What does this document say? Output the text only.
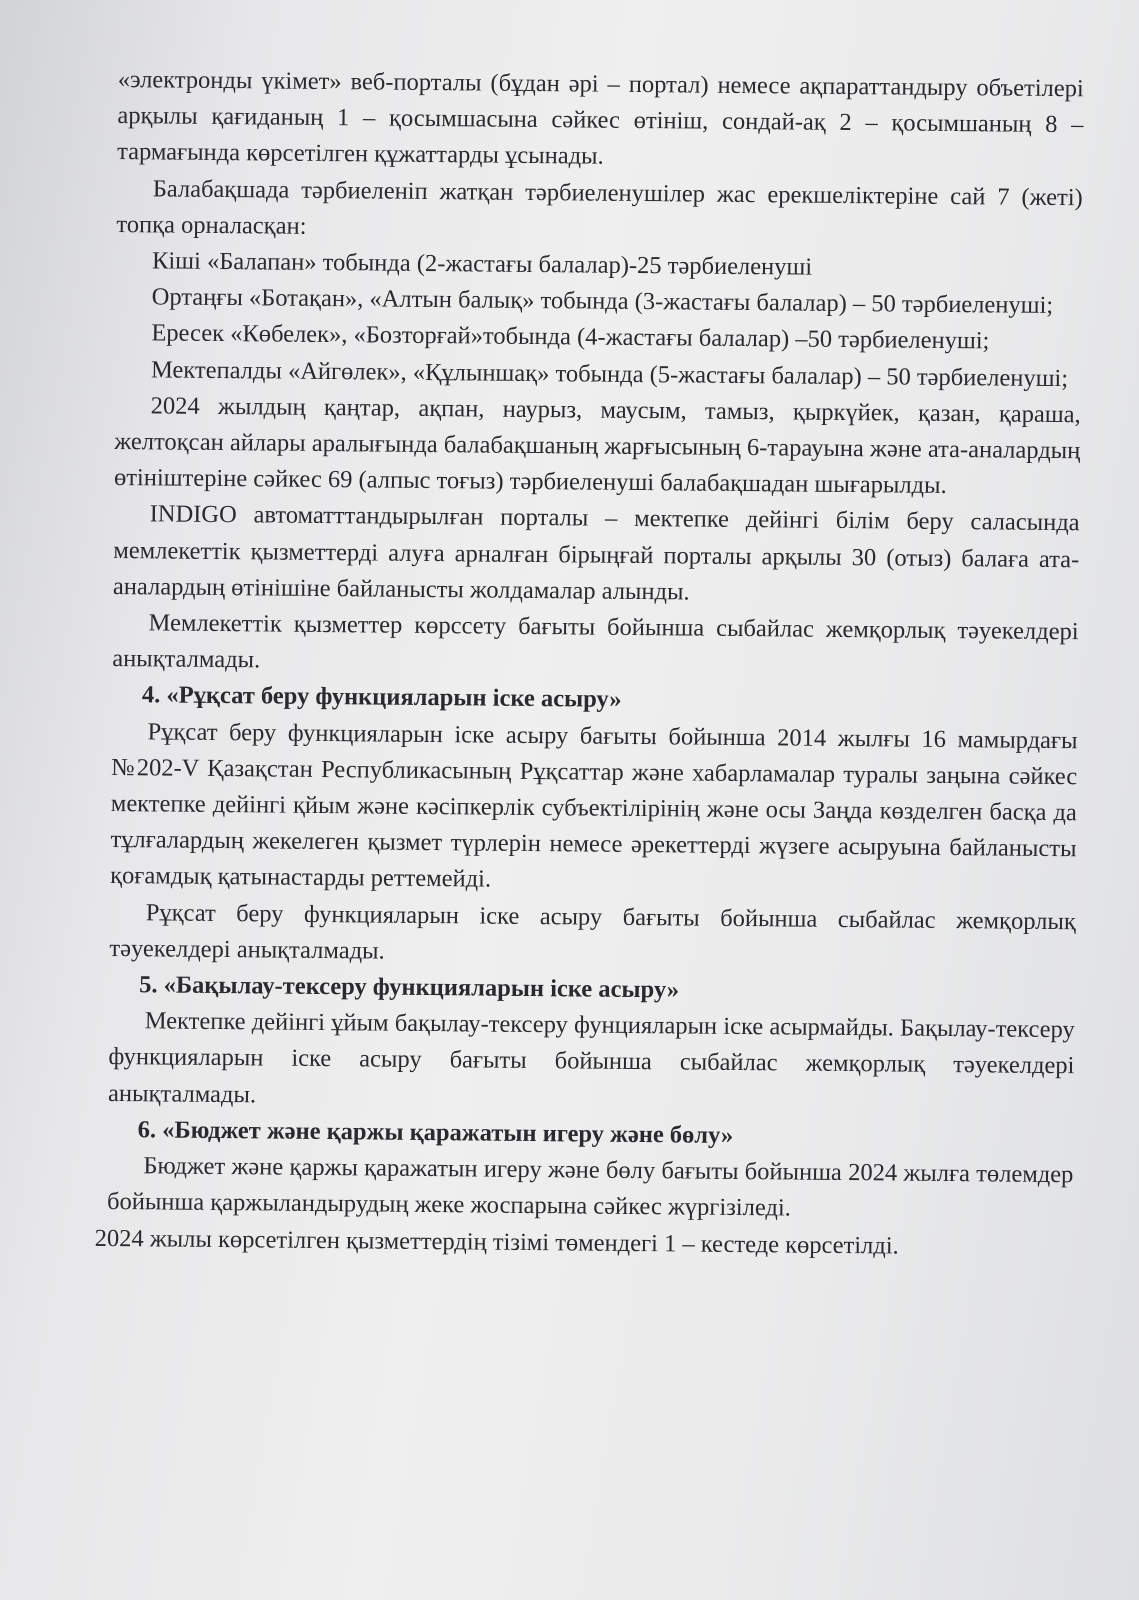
«электронды үкімет» веб-порталы (бұдан әрі – портал) немесе ақпараттандыру объетілері арқылы қағиданың 1 – қосымшасына сәйкес өтініш, сондай-ақ 2 – қосымшаның 8 – тармағында көрсетілген құжаттарды ұсынады.

Балабақшада тәрбиеленіп жатқан тәрбиеленушілер жас ерекшеліктеріне сай 7 (жеті) топқа орналасқан:

Кіші «Балапан» тобында (2-жастағы балалар)-25 тәрбиеленуші

Ортаңғы «Ботақан», «Алтын балық» тобында (3-жастағы балалар) – 50 тәрбиеленуші;

Ересек «Көбелек», «Бозторғай»тобында (4-жастағы балалар) –50 тәрбиеленуші;

Мектепалды «Айгөлек», «Құлыншақ» тобында (5-жастағы балалар) – 50 тәрбиеленуші;

2024 жылдың қаңтар, ақпан, наурыз, маусым, тамыз, қыркүйек, қазан, қараша, желтоқсан айлары аралығында балабақшаның жарғысының 6-тарауына және ата-аналардың өтініштеріне сәйкес 69 (алпыс тоғыз) тәрбиеленуші балабақшадан шығарылды.

INDIGO автоматттандырылған порталы – мектепке дейінгі білім беру саласында мемлекеттік қызметтерді алуға арналған бірыңғай порталы арқылы 30 (отыз) балаға ата-аналардың өтінішіне байланысты жолдамалар алынды.

Мемлекеттік қызметтер көрссету бағыты бойынша сыбайлас жемқорлық тәуекелдері анықталмады.

4. «Рұқсат беру функцияларын іске асыру»

Рұқсат беру функцияларын іске асыру бағыты бойынша 2014 жылғы 16 мамырдағы №202-V Қазақстан Республикасының Рұқсаттар және хабарламалар туралы заңына сәйкес мектепке дейінгі қйым және кәсіпкерлік субъектілірінің және осы Заңда көзделген басқа да тұлғалардың жекелеген қызмет түрлерін немесе әрекеттерді жүзеге асыруына байланысты қоғамдық қатынастарды реттемейді.

Рұқсат беру функцияларын іске асыру бағыты бойынша сыбайлас жемқорлық тәуекелдері анықталмады.

5. «Бақылау-тексеру функцияларын іске асыру»

Мектепке дейінгі ұйым бақылау-тексеру фунцияларын іске асырмайды. Бақылау-тексеру функцияларын іске асыру бағыты бойынша сыбайлас жемқорлық тәуекелдері анықталмады.

6. «Бюджет және қаржы қаражатын игеру және бөлу»

Бюджет және қаржы қаражатын игеру және бөлу бағыты бойынша 2024 жылға төлемдер бойынша қаржыландырудың жеке жоспарына сәйкес жүргізіледі.

2024 жылы көрсетілген қызметтердің тізімі төмендегі 1 – кестеде көрсетілді.
